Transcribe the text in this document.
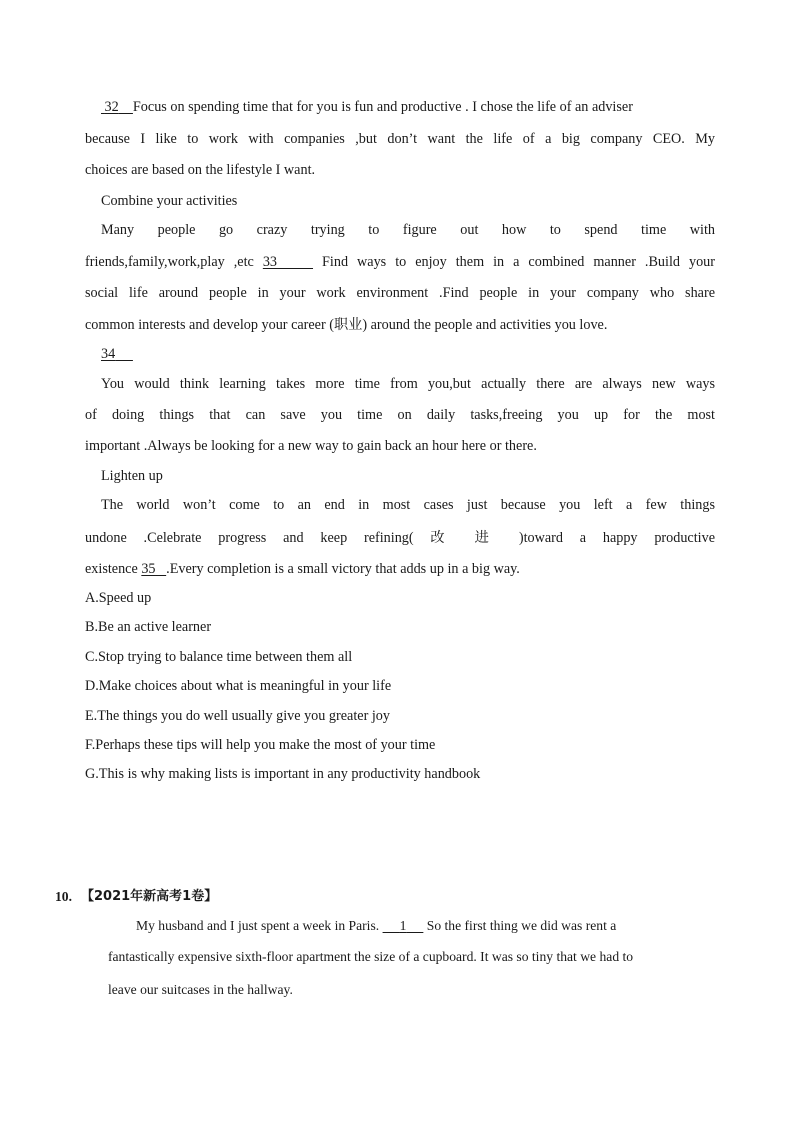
32 Focus on spending time that for you is fun and productive . I chose the life of an adviser
because I like to work with companies ,but don’t want the life of a big company CEO. My
choices are based on the lifestyle I want.
Combine your activities
Many people go crazy trying to figure out how to spend time with
friends,family,work,play ,etc 33	Find ways to enjoy them in a combined manner .Build your
social life around people in your work environment .Find people in your company who share
common interests and develop your career (职业) around the people and activities you love.
34
You would think learning takes more time from you,but actually there are always new ways
of doing things that can save you time on daily tasks,freeing you up for the most
important .Always be looking for a new way to gain back an hour here or there.
Lighten up
The world won’t come to an end in most cases just because you left a few things
undone .Celebrate progress and keep refining( 改 进 )toward a happy productive
existence 35 .Every completion is a small victory that adds up in a big way.
A.Speed up
B.Be an active learner
C.Stop trying to balance time between them all
D.Make choices about what is meaningful in your life
E.The things you do well usually give you greater joy
F.Perhaps these tips will help you make the most of your time
G.This is why making lists is important in any productivity handbook
10. 【2021年新高考1卷】
My husband and I just spent a week in Paris. 1 So the first thing we did was rent a
fantastically expensive sixth-floor apartment the size of a cupboard. It was so tiny that we had to
leave our suitcases in the hallway.
